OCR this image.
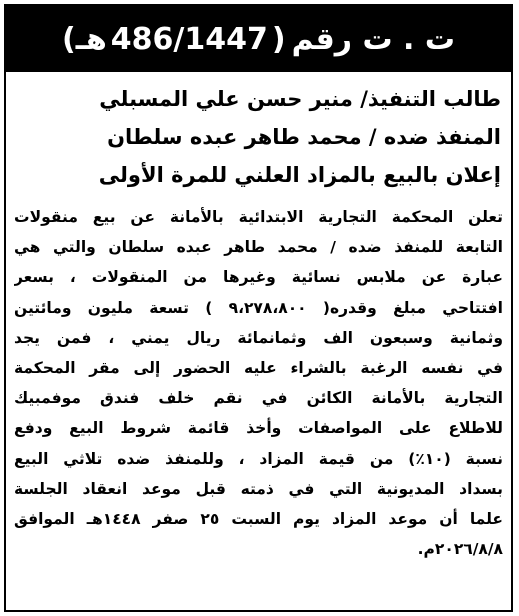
ت . ت رقم
(
486/1447
هـ
)
طالب التنفيذ/ منير حسن علي المسبلي
المنفذ ضده / محمد طاهر عبده سلطان
إعلان بالبيع بالمزاد العلني للمرة الأولى
تعلن المحكمة التجارية الابتدائية بالأمانة عن بيع منقولات
التابعة للمنفذ ضده / محمد طاهر عبده سلطان والتي هي
عبارة عن ملابس نسائية وغيرها من المنقولات ، بسعر
افتتاحي مبلغ وقدره( ٩،٢٧٨،٨٠٠ ) تسعة مليون ومائتين
وثمانية وسبعون الف وثمانمائة ريال يمني ، فمن يجد
في نفسه الرغبة بالشراء عليه الحضور إلى مقر المحكمة
التجارية بالأمانة الكائن في نقم خلف فندق موفمبيك
للاطلاع على المواصفات وأخذ قائمة شروط البيع ودفع
نسبة (١٠٪) من قيمة المزاد ، وللمنفذ ضده تلاثي البيع
بسداد المديونية التي في ذمته قبل موعد انعقاد الجلسة
علما أن موعد المزاد يوم السبت ٢٥ صفر ١٤٤٨هـ الموافق
٢٠٢٦/٨/٨م.
